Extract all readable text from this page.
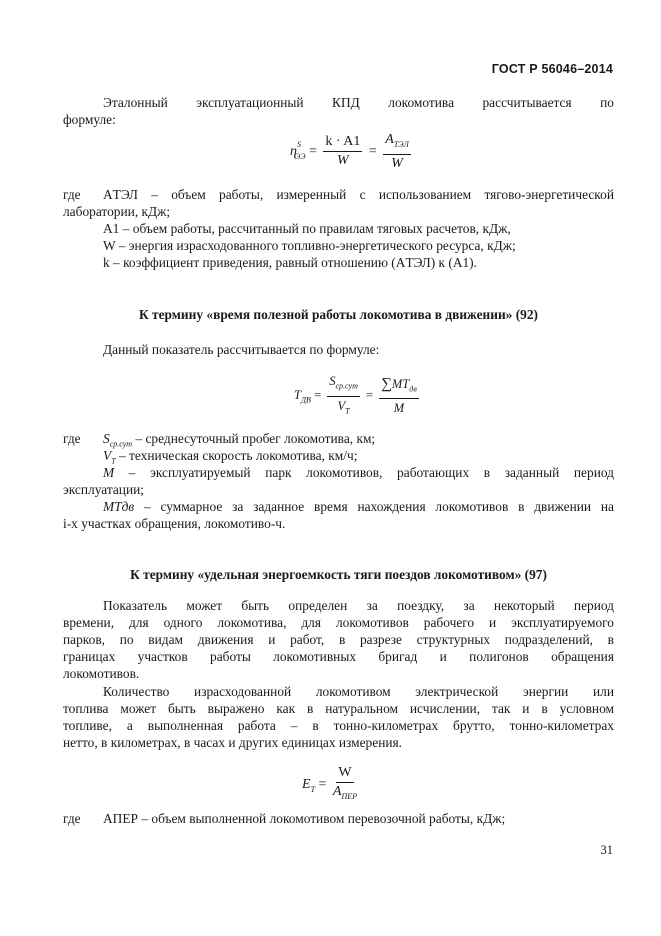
ГОСТ Р 56046–2014
Эталонный эксплуатационный КПД локомотива рассчитывается по
формуле:
$\eta^S_{ЭЭ} = \frac{k \cdot A1}{W} = \frac{A_{ТЭЛ}}{W}$
где AТЭЛ – объем работы, измеренный с использованием тягово-энергетической
лаборатории, кДж;
A1 – объем работы, рассчитанный по правилам тяговых расчетов, кДж,
W – энергия израсходованного топливно-энергетического ресурса, кДж;
k – коэффициент приведения, равный отношению (AТЭЛ) к (A1).
К термину «время полезной работы локомотива в движении» (92)
Данный показатель рассчитывается по формуле:
$T_{ДВ} = \frac{S_{ср.сут}}{V_T} = \frac{\sum MT_{дв}}{M}$
где $S_{ср.сут}$ – среднесуточный пробег локомотива, км;
$V_T$ – техническая скорость локомотива, км/ч;
M – эксплуатируемый парк локомотивов, работающих в заданный период
эксплуатации;
MTдв – суммарное за заданное время нахождения локомотивов в движении на
i-х участках обращения, локомотиво-ч.
К термину «удельная энергоемкость тяги поездов локомотивом» (97)
Показатель может быть определен за поездку, за некоторый период
времени, для одного локомотива, для локомотивов рабочего и эксплуатируемого
парков, по видам движения и работ, в разрезе структурных подразделений, в
границах участков работы локомотивных бригад и полигонов обращения
локомотивов.
Количество израсходованной локомотивом электрической энергии или
топлива может быть выражено как в натуральном исчислении, так и в условном
топливе, а выполненная работа – в тонно-километрах брутто, тонно-километрах
нетто, в километрах, в часах и других единицах измерения.
$E_T = \frac{W}{A_{ПЕР}}$
где AПЕР – объем выполненной локомотивом перевозочной работы, кДж;
31
